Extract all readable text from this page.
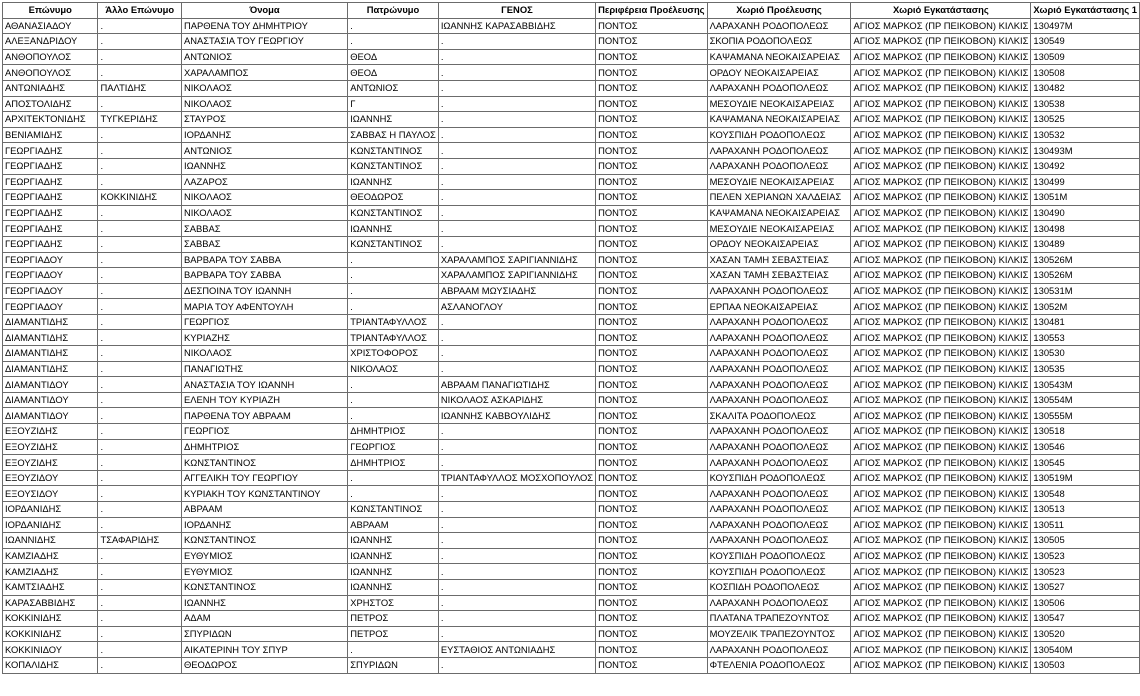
Επώνυμο	Άλλο Επώνυμο	Όνομα	Πατρώνυμο	ΓΕΝΟΣ	Περιφέρεια Προέλευσης	Χωριό Προέλευσης	Χωριό Εγκατάστασης	Χωριό Εγκατάστασης 1
ΑΘΑΝΑΣΙΑΔΟΥ	.	ΠΑΡΘΕΝΑ ΤΟΥ ΔΗΜΗΤΡΙΟΥ	.	ΙΩΑΝΝΗΣ ΚΑΡΑΣΑΒΒΙΔΗΣ	ΠΟΝΤΟΣ	ΛΑΡΑΧΑΝΗ ΡΟΔΟΠΟΛΕΩΣ	ΑΓΙΟΣ ΜΑΡΚΟΣ (ΠΡ ΠΕΙΚΟΒΟΝ) ΚΙΛΚΙΣ	130497Μ
ΑΛΕΞΑΝΔΡΙΔΟΥ	.	ΑΝΑΣΤΑΣΙΑ ΤΟΥ ΓΕΩΡΓΙΟΥ	.	.	ΠΟΝΤΟΣ	ΣΚΟΠΙΑ ΡΟΔΟΠΟΛΕΩΣ	ΑΓΙΟΣ ΜΑΡΚΟΣ (ΠΡ ΠΕΙΚΟΒΟΝ) ΚΙΛΚΙΣ	130549
ΑΝΘΟΠΟΥΛΟΣ	.	ΑΝΤΩΝΙΟΣ	ΘΕΟΔ	.	ΠΟΝΤΟΣ	ΚΑΨΑΜΑΝΑ ΝΕΟΚΑΙΣΑΡΕΙΑΣ	ΑΓΙΟΣ ΜΑΡΚΟΣ (ΠΡ ΠΕΙΚΟΒΟΝ) ΚΙΛΚΙΣ	130509
ΑΝΘΟΠΟΥΛΟΣ	.	ΧΑΡΑΛΑΜΠΟΣ	ΘΕΟΔ	.	ΠΟΝΤΟΣ	ΟΡΔΟΥ ΝΕΟΚΑΙΣΑΡΕΙΑΣ	ΑΓΙΟΣ ΜΑΡΚΟΣ (ΠΡ ΠΕΙΚΟΒΟΝ) ΚΙΛΚΙΣ	130508
ΑΝΤΩΝΙΑΔΗΣ	ΠΑΛΤΙΔΗΣ	ΝΙΚΟΛΑΟΣ	ΑΝΤΩΝΙΟΣ	.	ΠΟΝΤΟΣ	ΛΑΡΑΧΑΝΗ ΡΟΔΟΠΟΛΕΩΣ	ΑΓΙΟΣ ΜΑΡΚΟΣ (ΠΡ ΠΕΙΚΟΒΟΝ) ΚΙΛΚΙΣ	130482
ΑΠΟΣΤΟΛΙΔΗΣ	.	ΝΙΚΟΛΑΟΣ	Γ	.	ΠΟΝΤΟΣ	ΜΕΣΟΥΔΙΕ ΝΕΟΚΑΙΣΑΡΕΙΑΣ	ΑΓΙΟΣ ΜΑΡΚΟΣ (ΠΡ ΠΕΙΚΟΒΟΝ) ΚΙΛΚΙΣ	130538
ΑΡΧΙΤΕΚΤΟΝΙΔΗΣ	ΤΥΓΚΕΡΙΔΗΣ	ΣΤΑΥΡΟΣ	ΙΩΑΝΝΗΣ	.	ΠΟΝΤΟΣ	ΚΑΨΑΜΑΝΑ ΝΕΟΚΑΙΣΑΡΕΙΑΣ	ΑΓΙΟΣ ΜΑΡΚΟΣ (ΠΡ ΠΕΙΚΟΒΟΝ) ΚΙΛΚΙΣ	130525
ΒΕΝΙΑΜΙΔΗΣ	.	ΙΟΡΔΑΝΗΣ	ΣΑΒΒΑΣ Η ΠΑΥΛΟΣ	.	ΠΟΝΤΟΣ	ΚΟΥΣΠΙΔΗ ΡΟΔΟΠΟΛΕΩΣ	ΑΓΙΟΣ ΜΑΡΚΟΣ (ΠΡ ΠΕΙΚΟΒΟΝ) ΚΙΛΚΙΣ	130532
ΓΕΩΡΓΙΑΔΗΣ	.	ΑΝΤΩΝΙΟΣ	ΚΩΝΣΤΑΝΤΙΝΟΣ	.	ΠΟΝΤΟΣ	ΛΑΡΑΧΑΝΗ ΡΟΔΟΠΟΛΕΩΣ	ΑΓΙΟΣ ΜΑΡΚΟΣ (ΠΡ ΠΕΙΚΟΒΟΝ) ΚΙΛΚΙΣ	130493Μ
ΓΕΩΡΓΙΑΔΗΣ	.	ΙΩΑΝΝΗΣ	ΚΩΝΣΤΑΝΤΙΝΟΣ	.	ΠΟΝΤΟΣ	ΛΑΡΑΧΑΝΗ ΡΟΔΟΠΟΛΕΩΣ	ΑΓΙΟΣ ΜΑΡΚΟΣ (ΠΡ ΠΕΙΚΟΒΟΝ) ΚΙΛΚΙΣ	130492
ΓΕΩΡΓΙΑΔΗΣ	.	ΛΑΖΑΡΟΣ	ΙΩΑΝΝΗΣ	.	ΠΟΝΤΟΣ	ΜΕΣΟΥΔΙΕ ΝΕΟΚΑΙΣΑΡΕΙΑΣ	ΑΓΙΟΣ ΜΑΡΚΟΣ (ΠΡ ΠΕΙΚΟΒΟΝ) ΚΙΛΚΙΣ	130499
ΓΕΩΡΓΙΑΔΗΣ	ΚΟΚΚΙΝΙΔΗΣ	ΝΙΚΟΛΑΟΣ	ΘΕΟΔΩΡΟΣ	.	ΠΟΝΤΟΣ	ΠΕΛΕΝ ΧΕΡΙΑΝΩΝ ΧΑΛΔΕΙΑΣ	ΑΓΙΟΣ ΜΑΡΚΟΣ (ΠΡ ΠΕΙΚΟΒΟΝ) ΚΙΛΚΙΣ	13051Μ
ΓΕΩΡΓΙΑΔΗΣ	.	ΝΙΚΟΛΑΟΣ	ΚΩΝΣΤΑΝΤΙΝΟΣ	.	ΠΟΝΤΟΣ	ΚΑΨΑΜΑΝΑ ΝΕΟΚΑΙΣΑΡΕΙΑΣ	ΑΓΙΟΣ ΜΑΡΚΟΣ (ΠΡ ΠΕΙΚΟΒΟΝ) ΚΙΛΚΙΣ	130490
ΓΕΩΡΓΙΑΔΗΣ	.	ΣΑΒΒΑΣ	ΙΩΑΝΝΗΣ	.	ΠΟΝΤΟΣ	ΜΕΣΟΥΔΙΕ ΝΕΟΚΑΙΣΑΡΕΙΑΣ	ΑΓΙΟΣ ΜΑΡΚΟΣ (ΠΡ ΠΕΙΚΟΒΟΝ) ΚΙΛΚΙΣ	130498
ΓΕΩΡΓΙΑΔΗΣ	.	ΣΑΒΒΑΣ	ΚΩΝΣΤΑΝΤΙΝΟΣ	.	ΠΟΝΤΟΣ	ΟΡΔΟΥ ΝΕΟΚΑΙΣΑΡΕΙΑΣ	ΑΓΙΟΣ ΜΑΡΚΟΣ (ΠΡ ΠΕΙΚΟΒΟΝ) ΚΙΛΚΙΣ	130489
ΓΕΩΡΓΙΑΔΟΥ	.	ΒΑΡΒΑΡΑ ΤΟΥ ΣΑΒΒΑ	.	ΧΑΡΑΛΑΜΠΟΣ ΣΑΡΙΓΙΑΝΝΙΔΗΣ	ΠΟΝΤΟΣ	ΧΑΣΑΝ ΤΑΜΗ ΣΕΒΑΣΤΕΙΑΣ	ΑΓΙΟΣ ΜΑΡΚΟΣ (ΠΡ ΠΕΙΚΟΒΟΝ) ΚΙΛΚΙΣ	130526Μ
ΓΕΩΡΓΙΑΔΟΥ	.	ΒΑΡΒΑΡΑ ΤΟΥ ΣΑΒΒΑ	.	ΧΑΡΑΛΑΜΠΟΣ ΣΑΡΙΓΙΑΝΝΙΔΗΣ	ΠΟΝΤΟΣ	ΧΑΣΑΝ ΤΑΜΗ ΣΕΒΑΣΤΕΙΑΣ	ΑΓΙΟΣ ΜΑΡΚΟΣ (ΠΡ ΠΕΙΚΟΒΟΝ) ΚΙΛΚΙΣ	130526Μ
ΓΕΩΡΓΙΑΔΟΥ	.	ΔΕΣΠΟΙΝΑ ΤΟΥ ΙΩΑΝΝΗ	.	ΑΒΡΑΑΜ ΜΩΥΣΙΑΔΗΣ	ΠΟΝΤΟΣ	ΛΑΡΑΧΑΝΗ ΡΟΔΟΠΟΛΕΩΣ	ΑΓΙΟΣ ΜΑΡΚΟΣ (ΠΡ ΠΕΙΚΟΒΟΝ) ΚΙΛΚΙΣ	130531Μ
ΓΕΩΡΓΙΑΔΟΥ	.	ΜΑΡΙΑ ΤΟΥ ΑΦΕΝΤΟΥΛΗ	.	ΑΣΛΑΝΟΓΛΟΥ	ΠΟΝΤΟΣ	ΕΡΠΑΑ ΝΕΟΚΑΙΣΑΡΕΙΑΣ	ΑΓΙΟΣ ΜΑΡΚΟΣ (ΠΡ ΠΕΙΚΟΒΟΝ) ΚΙΛΚΙΣ	13052Μ
ΔΙΑΜΑΝΤΙΔΗΣ	.	ΓΕΩΡΓΙΟΣ	ΤΡΙΑΝΤΑΦΥΛΛΟΣ	.	ΠΟΝΤΟΣ	ΛΑΡΑΧΑΝΗ ΡΟΔΟΠΟΛΕΩΣ	ΑΓΙΟΣ ΜΑΡΚΟΣ (ΠΡ ΠΕΙΚΟΒΟΝ) ΚΙΛΚΙΣ	130481
ΔΙΑΜΑΝΤΙΔΗΣ	.	ΚΥΡΙΑΖΗΣ	ΤΡΙΑΝΤΑΦΥΛΛΟΣ	.	ΠΟΝΤΟΣ	ΛΑΡΑΧΑΝΗ ΡΟΔΟΠΟΛΕΩΣ	ΑΓΙΟΣ ΜΑΡΚΟΣ (ΠΡ ΠΕΙΚΟΒΟΝ) ΚΙΛΚΙΣ	130553
ΔΙΑΜΑΝΤΙΔΗΣ	.	ΝΙΚΟΛΑΟΣ	ΧΡΙΣΤΟΦΟΡΟΣ	.	ΠΟΝΤΟΣ	ΛΑΡΑΧΑΝΗ ΡΟΔΟΠΟΛΕΩΣ	ΑΓΙΟΣ ΜΑΡΚΟΣ (ΠΡ ΠΕΙΚΟΒΟΝ) ΚΙΛΚΙΣ	130530
ΔΙΑΜΑΝΤΙΔΗΣ	.	ΠΑΝΑΓΙΩΤΗΣ	ΝΙΚΟΛΑΟΣ	.	ΠΟΝΤΟΣ	ΛΑΡΑΧΑΝΗ ΡΟΔΟΠΟΛΕΩΣ	ΑΓΙΟΣ ΜΑΡΚΟΣ (ΠΡ ΠΕΙΚΟΒΟΝ) ΚΙΛΚΙΣ	130535
ΔΙΑΜΑΝΤΙΔΟΥ	.	ΑΝΑΣΤΑΣΙΑ ΤΟΥ ΙΩΑΝΝΗ	.	ΑΒΡΑΑΜ ΠΑΝΑΓΙΩΤΙΔΗΣ	ΠΟΝΤΟΣ	ΛΑΡΑΧΑΝΗ ΡΟΔΟΠΟΛΕΩΣ	ΑΓΙΟΣ ΜΑΡΚΟΣ (ΠΡ ΠΕΙΚΟΒΟΝ) ΚΙΛΚΙΣ	130543Μ
ΔΙΑΜΑΝΤΙΔΟΥ	.	ΕΛΕΝΗ ΤΟΥ ΚΥΡΙΑΖΗ	.	ΝΙΚΟΛΑΟΣ ΑΣΚΑΡΙΔΗΣ	ΠΟΝΤΟΣ	ΛΑΡΑΧΑΝΗ ΡΟΔΟΠΟΛΕΩΣ	ΑΓΙΟΣ ΜΑΡΚΟΣ (ΠΡ ΠΕΙΚΟΒΟΝ) ΚΙΛΚΙΣ	130554Μ
ΔΙΑΜΑΝΤΙΔΟΥ	.	ΠΑΡΘΕΝΑ ΤΟΥ ΑΒΡΑΑΜ	.	ΙΩΑΝΝΗΣ ΚΑΒΒΟΥΛΙΔΗΣ	ΠΟΝΤΟΣ	ΣΚΑΛΙΤΑ ΡΟΔΟΠΟΛΕΩΣ	ΑΓΙΟΣ ΜΑΡΚΟΣ (ΠΡ ΠΕΙΚΟΒΟΝ) ΚΙΛΚΙΣ	130555Μ
ΕΞΟΥΖΙΔΗΣ	.	ΓΕΩΡΓΙΟΣ	ΔΗΜΗΤΡΙΟΣ	.	ΠΟΝΤΟΣ	ΛΑΡΑΧΑΝΗ ΡΟΔΟΠΟΛΕΩΣ	ΑΓΙΟΣ ΜΑΡΚΟΣ (ΠΡ ΠΕΙΚΟΒΟΝ) ΚΙΛΚΙΣ	130518
ΕΞΟΥΖΙΔΗΣ	.	ΔΗΜΗΤΡΙΟΣ	ΓΕΩΡΓΙΟΣ	.	ΠΟΝΤΟΣ	ΛΑΡΑΧΑΝΗ ΡΟΔΟΠΟΛΕΩΣ	ΑΓΙΟΣ ΜΑΡΚΟΣ (ΠΡ ΠΕΙΚΟΒΟΝ) ΚΙΛΚΙΣ	130546
ΕΞΟΥΖΙΔΗΣ	.	ΚΩΝΣΤΑΝΤΙΝΟΣ	ΔΗΜΗΤΡΙΟΣ	.	ΠΟΝΤΟΣ	ΛΑΡΑΧΑΝΗ ΡΟΔΟΠΟΛΕΩΣ	ΑΓΙΟΣ ΜΑΡΚΟΣ (ΠΡ ΠΕΙΚΟΒΟΝ) ΚΙΛΚΙΣ	130545
ΕΞΟΥΖΙΔΟΥ	.	ΑΓΓΕΛΙΚΗ ΤΟΥ ΓΕΩΡΓΙΟΥ	.	ΤΡΙΑΝΤΑΦΥΛΛΟΣ ΜΟΣΧΟΠΟΥΛΟΣ	ΠΟΝΤΟΣ	ΚΟΥΣΠΙΔΗ ΡΟΔΟΠΟΛΕΩΣ	ΑΓΙΟΣ ΜΑΡΚΟΣ (ΠΡ ΠΕΙΚΟΒΟΝ) ΚΙΛΚΙΣ	130519Μ
ΕΞΟΥΣΙΔΟΥ	.	ΚΥΡΙΑΚΗ ΤΟΥ ΚΩΝΣΤΑΝΤΙΝΟΥ	.	.	ΠΟΝΤΟΣ	ΛΑΡΑΧΑΝΗ ΡΟΔΟΠΟΛΕΩΣ	ΑΓΙΟΣ ΜΑΡΚΟΣ (ΠΡ ΠΕΙΚΟΒΟΝ) ΚΙΛΚΙΣ	130548
ΙΟΡΔΑΝΙΔΗΣ	.	ΑΒΡΑΑΜ	ΚΩΝΣΤΑΝΤΙΝΟΣ	.	ΠΟΝΤΟΣ	ΛΑΡΑΧΑΝΗ ΡΟΔΟΠΟΛΕΩΣ	ΑΓΙΟΣ ΜΑΡΚΟΣ (ΠΡ ΠΕΙΚΟΒΟΝ) ΚΙΛΚΙΣ	130513
ΙΟΡΔΑΝΙΔΗΣ	.	ΙΟΡΔΑΝΗΣ	ΑΒΡΑΑΜ	.	ΠΟΝΤΟΣ	ΛΑΡΑΧΑΝΗ ΡΟΔΟΠΟΛΕΩΣ	ΑΓΙΟΣ ΜΑΡΚΟΣ (ΠΡ ΠΕΙΚΟΒΟΝ) ΚΙΛΚΙΣ	130511
ΙΩΑΝΝΙΔΗΣ	ΤΣΑΦΑΡΙΔΗΣ	ΚΩΝΣΤΑΝΤΙΝΟΣ	ΙΩΑΝΝΗΣ	.	ΠΟΝΤΟΣ	ΛΑΡΑΧΑΝΗ ΡΟΔΟΠΟΛΕΩΣ	ΑΓΙΟΣ ΜΑΡΚΟΣ (ΠΡ ΠΕΙΚΟΒΟΝ) ΚΙΛΚΙΣ	130505
ΚΑΜΖΙΑΔΗΣ	.	ΕΥΘΥΜΙΟΣ	ΙΩΑΝΝΗΣ	.	ΠΟΝΤΟΣ	ΚΟΥΣΠΙΔΗ ΡΟΔΟΠΟΛΕΩΣ	ΑΓΙΟΣ ΜΑΡΚΟΣ (ΠΡ ΠΕΙΚΟΒΟΝ) ΚΙΛΚΙΣ	130523
ΚΑΜΖΙΑΔΗΣ	.	ΕΥΘΥΜΙΟΣ	ΙΩΑΝΝΗΣ	.	ΠΟΝΤΟΣ	ΚΟΥΣΠΙΔΗ ΡΟΔΟΠΟΛΕΩΣ	ΑΓΙΟΣ ΜΑΡΚΟΣ (ΠΡ ΠΕΙΚΟΒΟΝ) ΚΙΛΚΙΣ	130523
ΚΑΜΤΣΙΑΔΗΣ	.	ΚΩΝΣΤΑΝΤΙΝΟΣ	ΙΩΑΝΝΗΣ	.	ΠΟΝΤΟΣ	ΚΟΣΠΙΔΗ ΡΟΔΟΠΟΛΕΩΣ	ΑΓΙΟΣ ΜΑΡΚΟΣ (ΠΡ ΠΕΙΚΟΒΟΝ) ΚΙΛΚΙΣ	130527
ΚΑΡΑΣΑΒΒΙΔΗΣ	.	ΙΩΑΝΝΗΣ	ΧΡΗΣΤΟΣ	.	ΠΟΝΤΟΣ	ΛΑΡΑΧΑΝΗ ΡΟΔΟΠΟΛΕΩΣ	ΑΓΙΟΣ ΜΑΡΚΟΣ (ΠΡ ΠΕΙΚΟΒΟΝ) ΚΙΛΚΙΣ	130506
ΚΟΚΚΙΝΙΔΗΣ	.	ΑΔΑΜ	ΠΕΤΡΟΣ	.	ΠΟΝΤΟΣ	ΠΛΑΤΑΝΑ ΤΡΑΠΕΖΟΥΝΤΟΣ	ΑΓΙΟΣ ΜΑΡΚΟΣ (ΠΡ ΠΕΙΚΟΒΟΝ) ΚΙΛΚΙΣ	130547
ΚΟΚΚΙΝΙΔΗΣ	.	ΣΠΥΡΙΔΩΝ	ΠΕΤΡΟΣ	.	ΠΟΝΤΟΣ	ΜΟΥΖΕΛΙΚ ΤΡΑΠΕΖΟΥΝΤΟΣ	ΑΓΙΟΣ ΜΑΡΚΟΣ (ΠΡ ΠΕΙΚΟΒΟΝ) ΚΙΛΚΙΣ	130520
ΚΟΚΚΙΝΙΔΟΥ	.	ΑΙΚΑΤΕΡΙΝΗ ΤΟΥ ΣΠΥΡ	.	ΕΥΣΤΑΘΙΟΣ ΑΝΤΩΝΙΑΔΗΣ	ΠΟΝΤΟΣ	ΛΑΡΑΧΑΝΗ ΡΟΔΟΠΟΛΕΩΣ	ΑΓΙΟΣ ΜΑΡΚΟΣ (ΠΡ ΠΕΙΚΟΒΟΝ) ΚΙΛΚΙΣ	130540Μ
ΚΟΠΑΛΙΔΗΣ	.	ΘΕΟΔΩΡΟΣ	ΣΠΥΡΙΔΩΝ	.	ΠΟΝΤΟΣ	ΦΤΕΛΕΝΙΑ ΡΟΔΟΠΟΛΕΩΣ	ΑΓΙΟΣ ΜΑΡΚΟΣ (ΠΡ ΠΕΙΚΟΒΟΝ) ΚΙΛΚΙΣ	130503
